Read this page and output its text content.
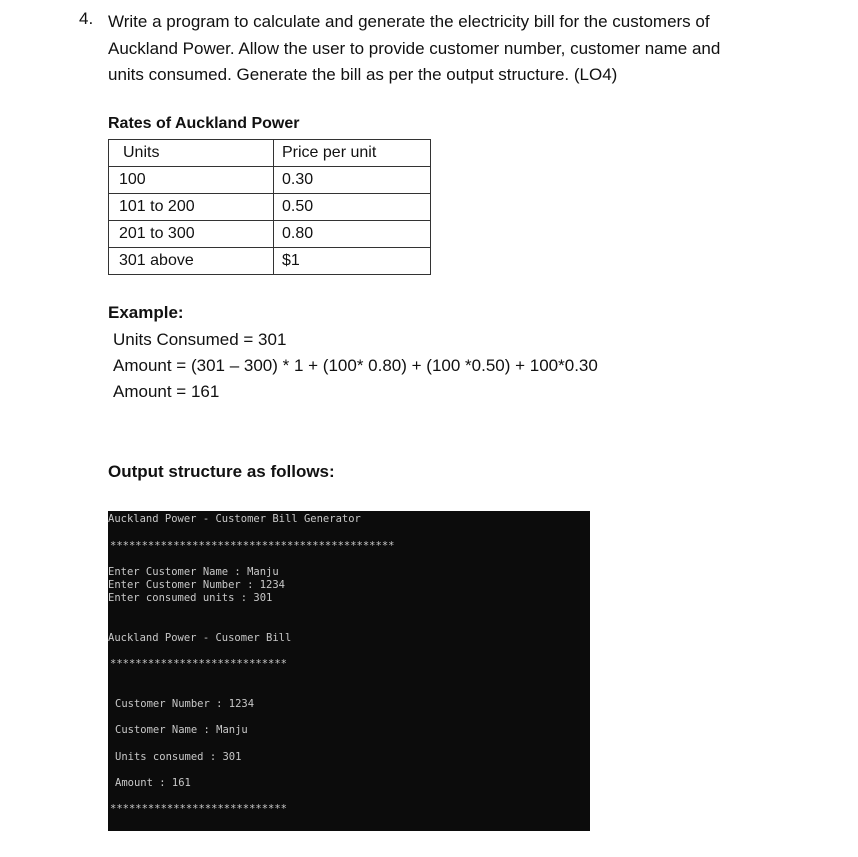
4. Write a program to calculate and generate the electricity bill for the customers of
Auckland Power. Allow the user to provide customer number, customer name and
units consumed. Generate the bill as per the output structure. (LO4)
Rates of Auckland Power
Units	Price per unit
100	0.30
101 to 200	0.50
201 to 300	0.80
301 above	$1
Example:
Units Consumed = 301
Amount = (301 – 300) * 1 + (100* 0.80) + (100 *0.50) + 100*0.30
Amount = 161
Output structure as follows:
Auckland Power - Customer Bill Generator
*********************************************
Enter Customer Name : Manju
Enter Customer Number : 1234
Enter consumed units : 301
Auckland Power - Cusomer Bill
****************************
Customer Number : 1234
Customer Name : Manju
Units consumed : 301
Amount : 161
****************************
